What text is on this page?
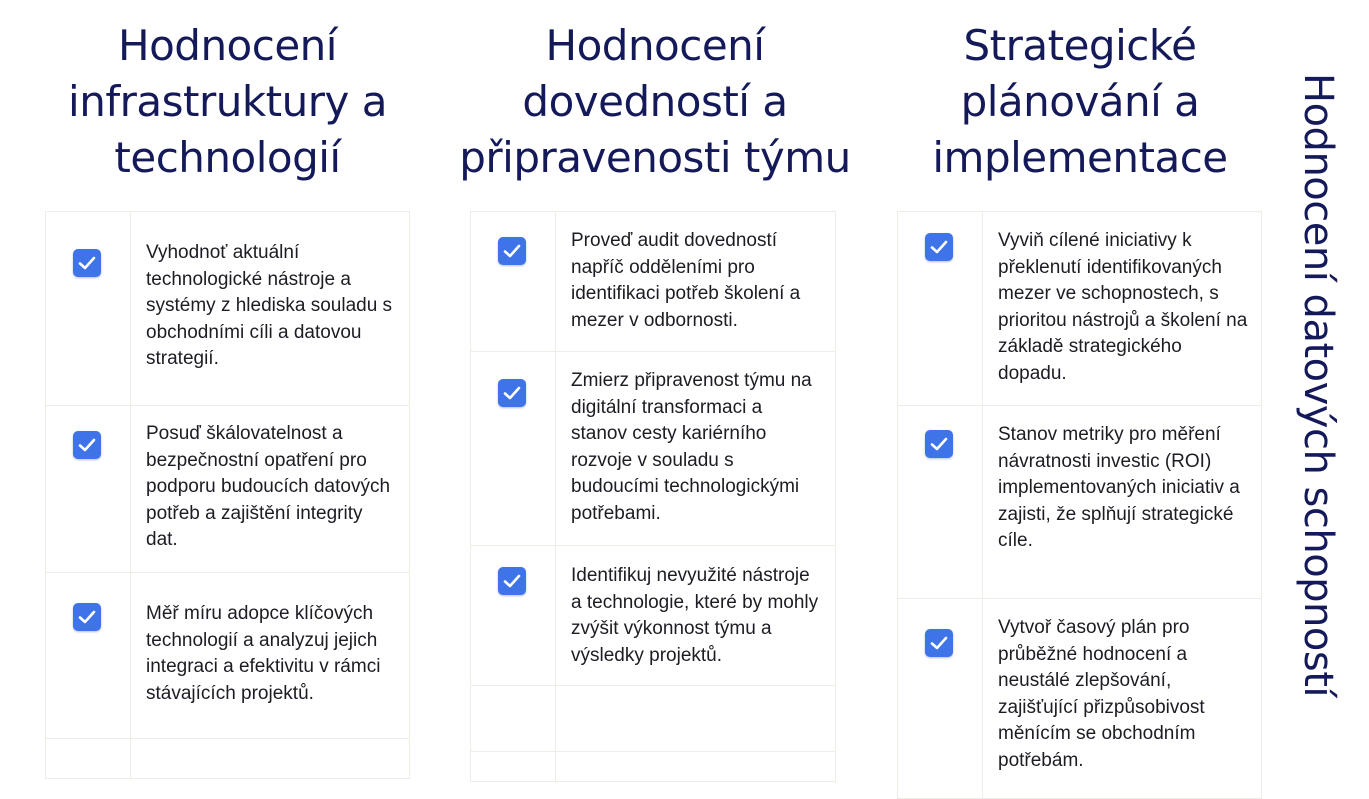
Hodnocení infrastruktury a technologií
Vyhodnoť aktuální technologické nástroje a systémy z hlediska souladu s obchodními cíli a datovou strategií.
Posuď škálovatelnost a bezpečnostní opatření pro podporu budoucích datových potřeb a zajištění integrity dat.
Měř míru adopce klíčových technologií a analyzuj jejich integraci a efektivitu v rámci stávajících projektů.
Hodnocení dovedností a připravenosti týmu
Proveď audit dovedností napříč odděleními pro identifikaci potřeb školení a mezer v odbornosti.
Zmierz připravenost týmu na digitální transformaci a stanov cesty kariérního rozvoje v souladu s budoucími technologickými potřebami.
Identifikuj nevyužité nástroje a technologie, které by mohly zvýšit výkonnost týmu a výsledky projektů.
Strategické plánování a implementace
Vyviň cílené iniciativy k překlenutí identifikovaných mezer ve schopnostech, s prioritou nástrojů a školení na základě strategického dopadu.
Stanov metriky pro měření návratnosti investic (ROI) implementovaných iniciativ a zajisti, že splňují strategické cíle.
Vytvoř časový plán pro průběžné hodnocení a neustálé zlepšování, zajišťující přizpůsobivost měnícím se obchodním potřebám.
Hodnocení datových schopností
